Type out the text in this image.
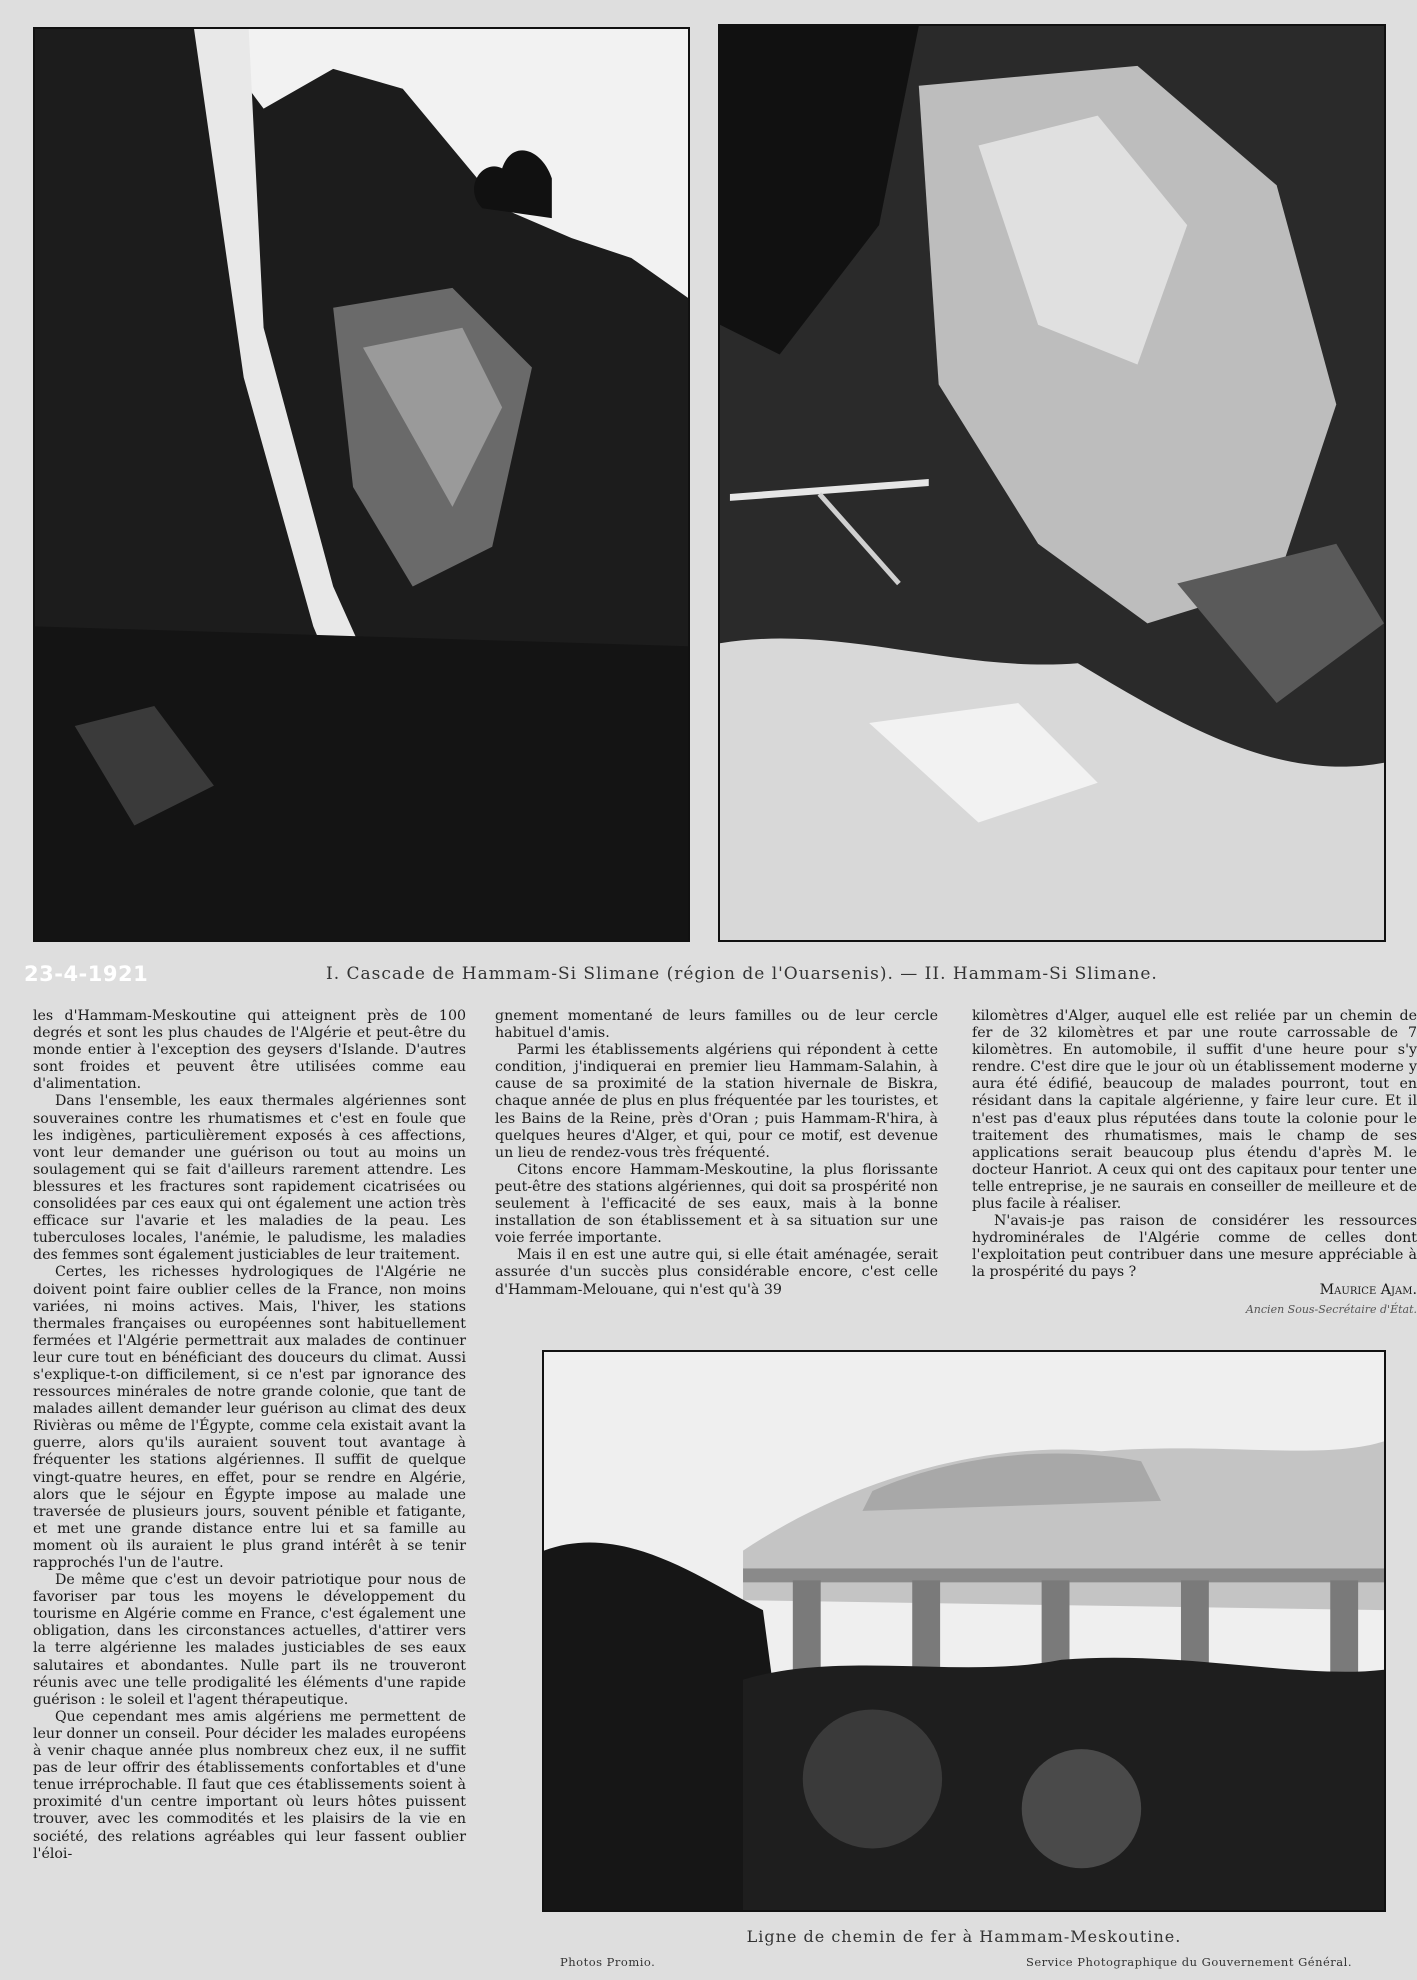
23-4-1921	I. Cascade de Hammam-Si Slimane (région de l'Ouarsenis). — II. Hammam-Si Slimane.

les d'Hammam-Meskoutine qui atteignent près de 100 degrés et sont les plus chaudes de l'Algérie et peut-être du monde entier à l'exception des geysers d'Islande. D'autres sont froides et peuvent être utilisées comme eau d'alimentation.

Dans l'ensemble, les eaux thermales algériennes sont souveraines contre les rhumatismes et c'est en foule que les indigènes, particulièrement exposés à ces affections, vont leur demander une guérison ou tout au moins un soulagement qui se fait d'ailleurs rarement attendre. Les blessures et les fractures sont rapidement cicatrisées ou consolidées par ces eaux qui ont également une action très efficace sur l'avarie et les maladies de la peau. Les tuberculoses locales, l'anémie, le paludisme, les maladies des femmes sont également justiciables de leur traitement.

Certes, les richesses hydrologiques de l'Algérie ne doivent point faire oublier celles de la France, non moins variées, ni moins actives. Mais, l'hiver, les stations thermales françaises ou européennes sont habituellement fermées et l'Algérie permettrait aux malades de continuer leur cure tout en bénéficiant des douceurs du climat. Aussi s'explique-t-on difficilement, si ce n'est par ignorance des ressources minérales de notre grande colonie, que tant de malades aillent demander leur guérison au climat des deux Rivièras ou même de l'Égypte, comme cela existait avant la guerre, alors qu'ils auraient souvent tout avantage à fréquenter les stations algériennes. Il suffit de quelque vingt-quatre heures, en effet, pour se rendre en Algérie, alors que le séjour en Égypte impose au malade une traversée de plusieurs jours, souvent pénible et fatigante, et met une grande distance entre lui et sa famille au moment où ils auraient le plus grand intérêt à se tenir rapprochés l'un de l'autre.

De même que c'est un devoir patriotique pour nous de favoriser par tous les moyens le développement du tourisme en Algérie comme en France, c'est également une obligation, dans les circonstances actuelles, d'attirer vers la terre algérienne les malades justiciables de ses eaux salutaires et abondantes. Nulle part ils ne trouveront réunis avec une telle prodigalité les éléments d'une rapide guérison : le soleil et l'agent thérapeutique.

Que cependant mes amis algériens me permettent de leur donner un conseil. Pour décider les malades européens à venir chaque année plus nombreux chez eux, il ne suffit pas de leur offrir des établissements confortables et d'une tenue irréprochable. Il faut que ces établissements soient à proximité d'un centre important où leurs hôtes puissent trouver, avec les commodités et les plaisirs de la vie en société, des relations agréables qui leur fassent oublier l'éloi-

gnement momentané de leurs familles ou de leur cercle habituel d'amis.

Parmi les établissements algériens qui répondent à cette condition, j'indiquerai en premier lieu Hammam-Salahin, à cause de sa proximité de la station hivernale de Biskra, chaque année de plus en plus fréquentée par les touristes, et les Bains de la Reine, près d'Oran ; puis Hammam-R'hira, à quelques heures d'Alger, et qui, pour ce motif, est devenue un lieu de rendez-vous très fréquenté.

Citons encore Hammam-Meskoutine, la plus florissante peut-être des stations algériennes, qui doit sa prospérité non seulement à l'efficacité de ses eaux, mais à la bonne installation de son établissement et à sa situation sur une voie ferrée importante.

Mais il en est une autre qui, si elle était aménagée, serait assurée d'un succès plus considérable encore, c'est celle d'Hammam-Melouane, qui n'est qu'à 39

kilomètres d'Alger, auquel elle est reliée par un chemin de fer de 32 kilomètres et par une route carrossable de 7 kilomètres. En automobile, il suffit d'une heure pour s'y rendre. C'est dire que le jour où un établissement moderne y aura été édifié, beaucoup de malades pourront, tout en résidant dans la capitale algérienne, y faire leur cure. Et il n'est pas d'eaux plus réputées dans toute la colonie pour le traitement des rhumatismes, mais le champ de ses applications serait beaucoup plus étendu d'après M. le docteur Hanriot. A ceux qui ont des capitaux pour tenter une telle entreprise, je ne saurais en conseiller de meilleure et de plus facile à réaliser.

N'avais-je pas raison de considérer les ressources hydrominérales de l'Algérie comme de celles dont l'exploitation peut contribuer dans une mesure appréciable à la prospérité du pays ?

Maurice Ajam.
Ancien Sous-Secrétaire d'État.
Ligne de chemin de fer à Hammam-Meskoutine.
Photos Promio.	Service Photographique du Gouvernement Général.
